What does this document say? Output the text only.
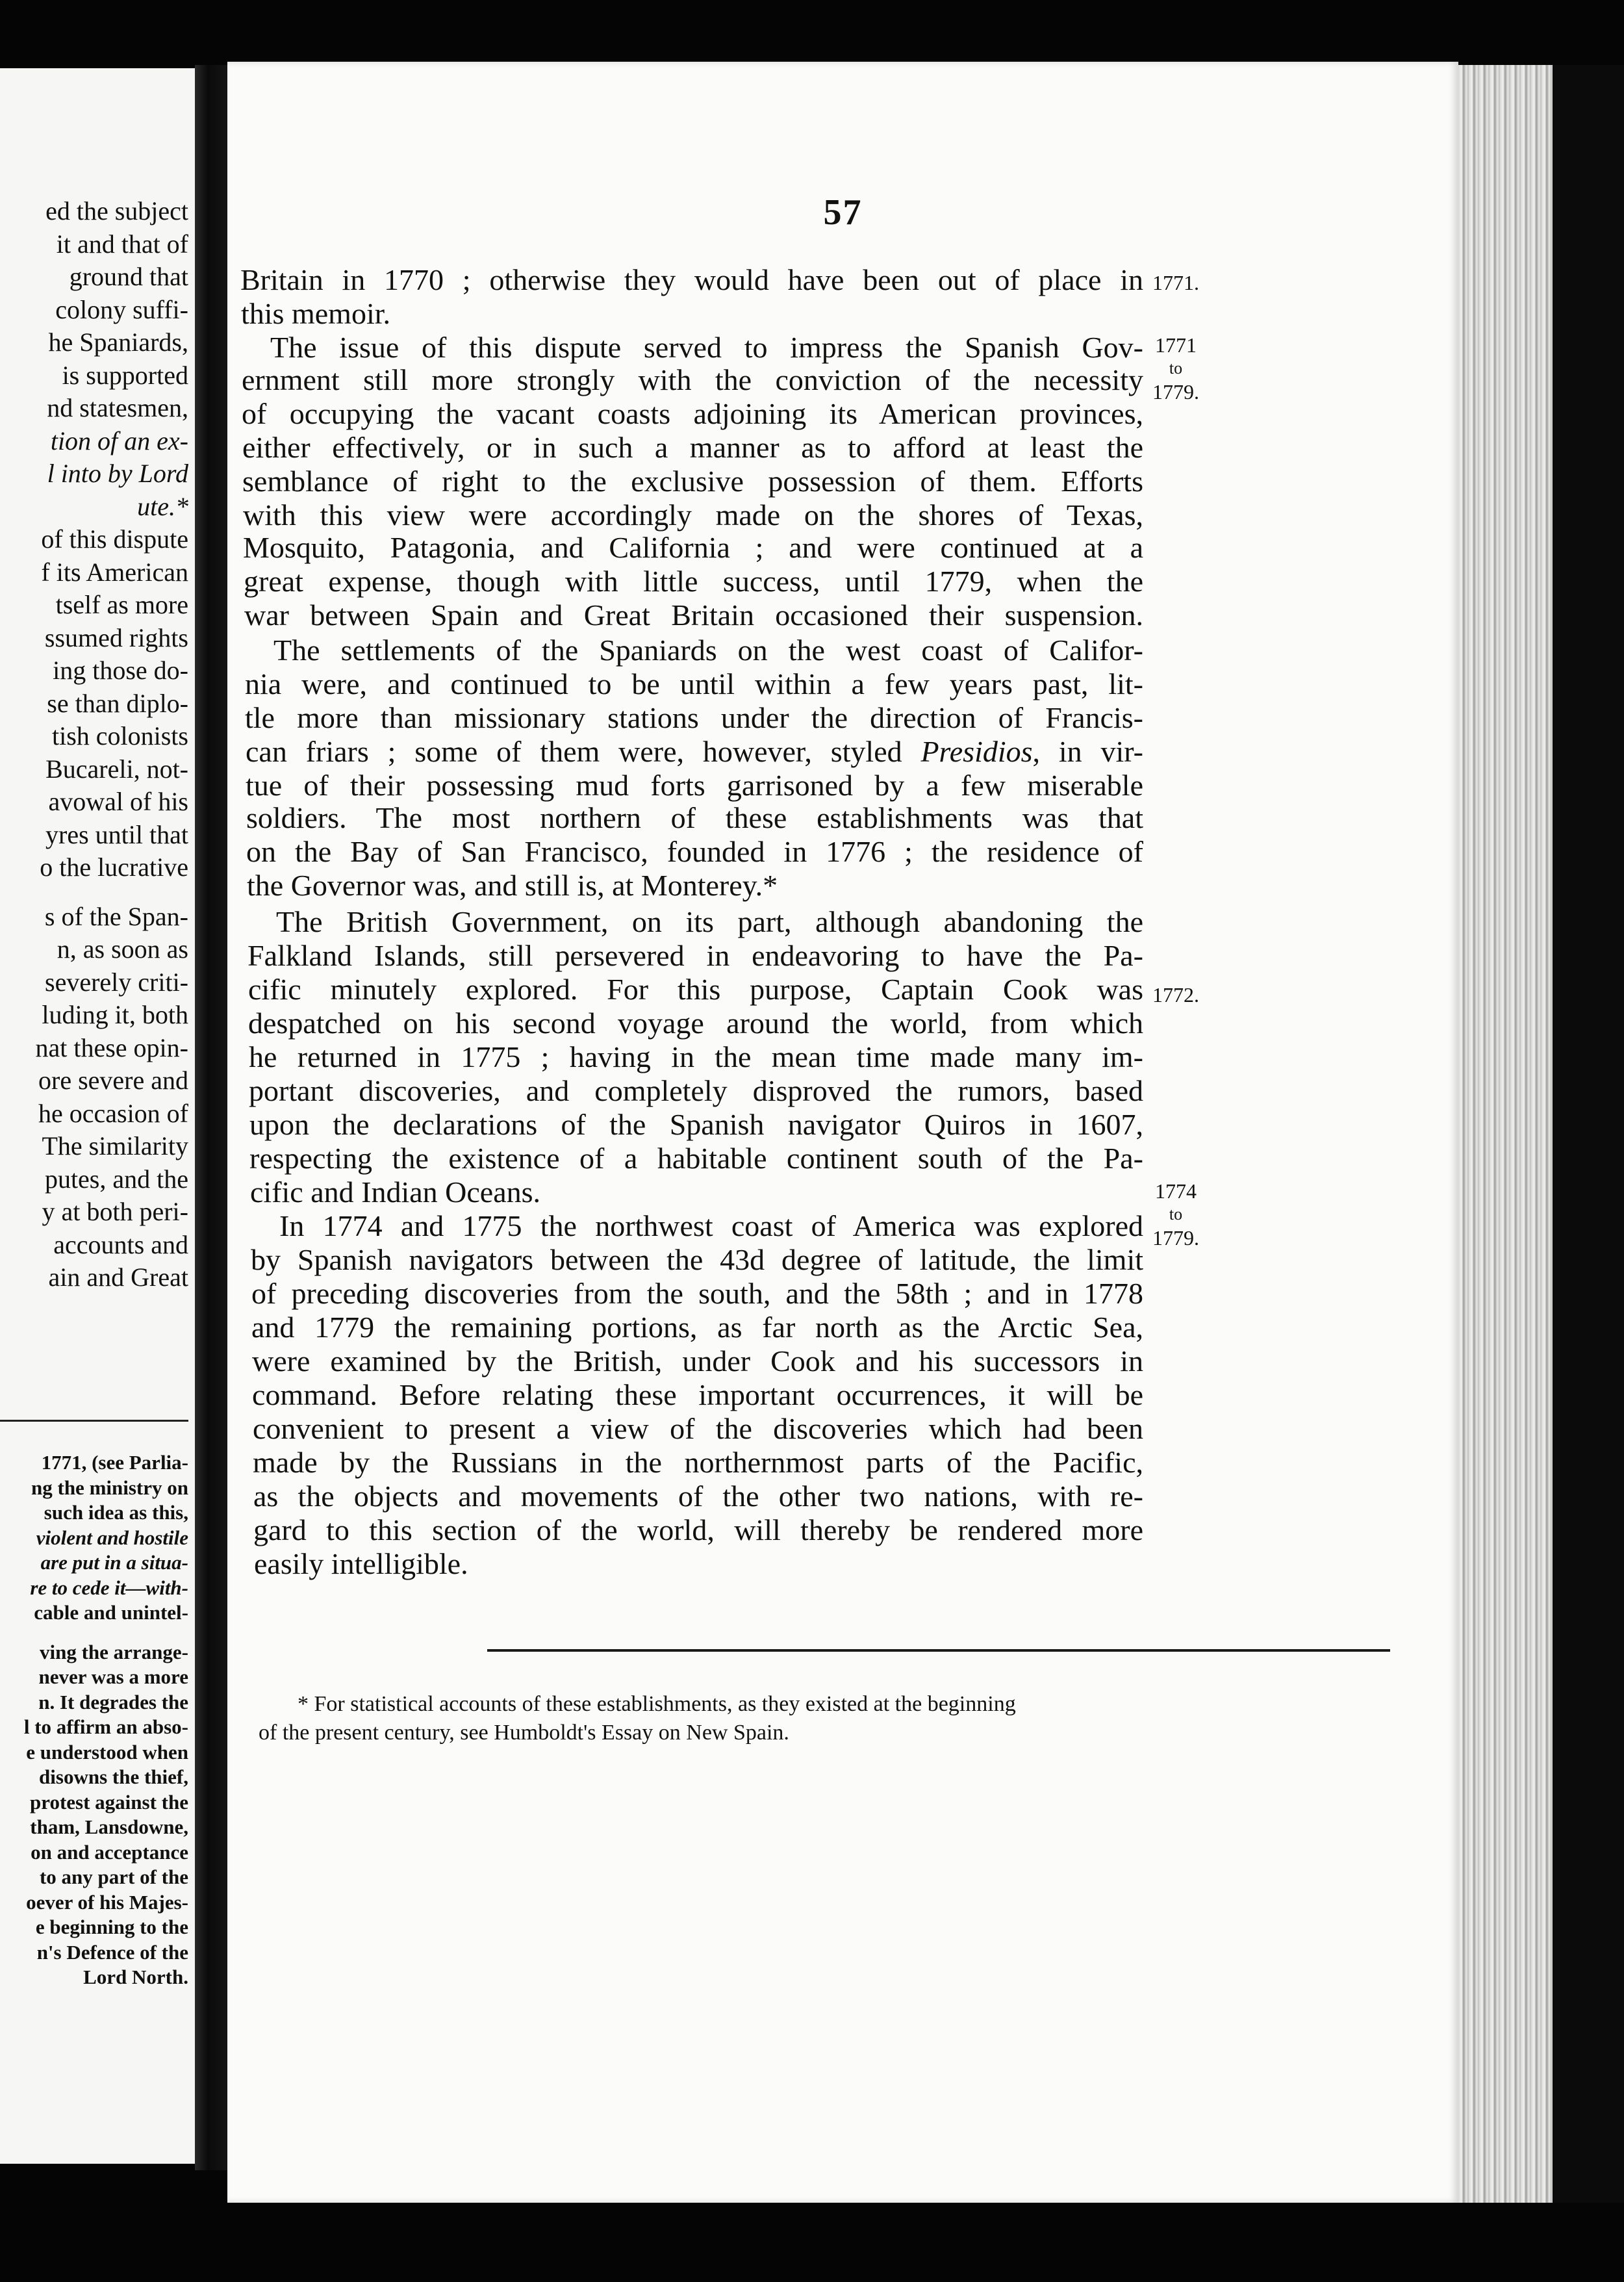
ed the subject
it and that of
ground that
colony suffi-
he Spaniards,
is supported
nd statesmen,
tion of an ex-
l into by Lord
ute.*
of this dispute
f its American
tself as more
ssumed rights
ing those do-
se than diplo-
tish colonists
Bucareli, not-
avowal of his
yres until that
o the lucrative
s of the Span-
n, as soon as
severely criti-
luding it, both
nat these opin-
ore severe and
he occasion of
The similarity
putes, and the
y at both peri-
accounts and
ain and Great
1771, (see Parlia-
ng the ministry on
such idea as this,
violent and hostile
are put in a situa-
re to cede it—with-
cable and unintel-
ving the arrange-
never was a more
n. It degrades the
l to affirm an abso-
e understood when
disowns the thief,
protest against the
tham, Lansdowne,
on and acceptance
to any part of the
oever of his Majes-
e beginning to the
n's Defence of the
Lord North.
57
Britain in 1770 ; otherwise they would have been out of place in
this memoir.
The issue of this dispute served to impress the Spanish Gov-
ernment still more strongly with the conviction of the necessity
of occupying the vacant coasts adjoining its American provinces,
either effectively, or in such a manner as to afford at least the
semblance of right to the exclusive possession of them. Efforts
with this view were accordingly made on the shores of Texas,
Mosquito, Patagonia, and California ; and were continued at a
great expense, though with little success, until 1779, when the
war between Spain and Great Britain occasioned their suspension.
The settlements of the Spaniards on the west coast of Califor-
nia were, and continued to be until within a few years past, lit-
tle more than missionary stations under the direction of Francis-
can friars ; some of them were, however, styled Presidios, in vir-
tue of their possessing mud forts garrisoned by a few miserable
soldiers. The most northern of these establishments was that
on the Bay of San Francisco, founded in 1776 ; the residence of
the Governor was, and still is, at Monterey.*
The British Government, on its part, although abandoning the
Falkland Islands, still persevered in endeavoring to have the Pa-
cific minutely explored. For this purpose, Captain Cook was
despatched on his second voyage around the world, from which
he returned in 1775 ; having in the mean time made many im-
portant discoveries, and completely disproved the rumors, based
upon the declarations of the Spanish navigator Quiros in 1607,
respecting the existence of a habitable continent south of the Pa-
cific and Indian Oceans.
In 1774 and 1775 the northwest coast of America was explored
by Spanish navigators between the 43d degree of latitude, the limit
of preceding discoveries from the south, and the 58th ; and in 1778
and 1779 the remaining portions, as far north as the Arctic Sea,
were examined by the British, under Cook and his successors in
command. Before relating these important occurrences, it will be
convenient to present a view of the discoveries which had been
made by the Russians in the northernmost parts of the Pacific,
as the objects and movements of the other two nations, with re-
gard to this section of the world, will thereby be rendered more
easily intelligible.
1771.
1771
to
1779.
1772.
1774
to
1779.
* For statistical accounts of these establishments, as they existed at the beginning
of the present century, see Humboldt's Essay on New Spain.
